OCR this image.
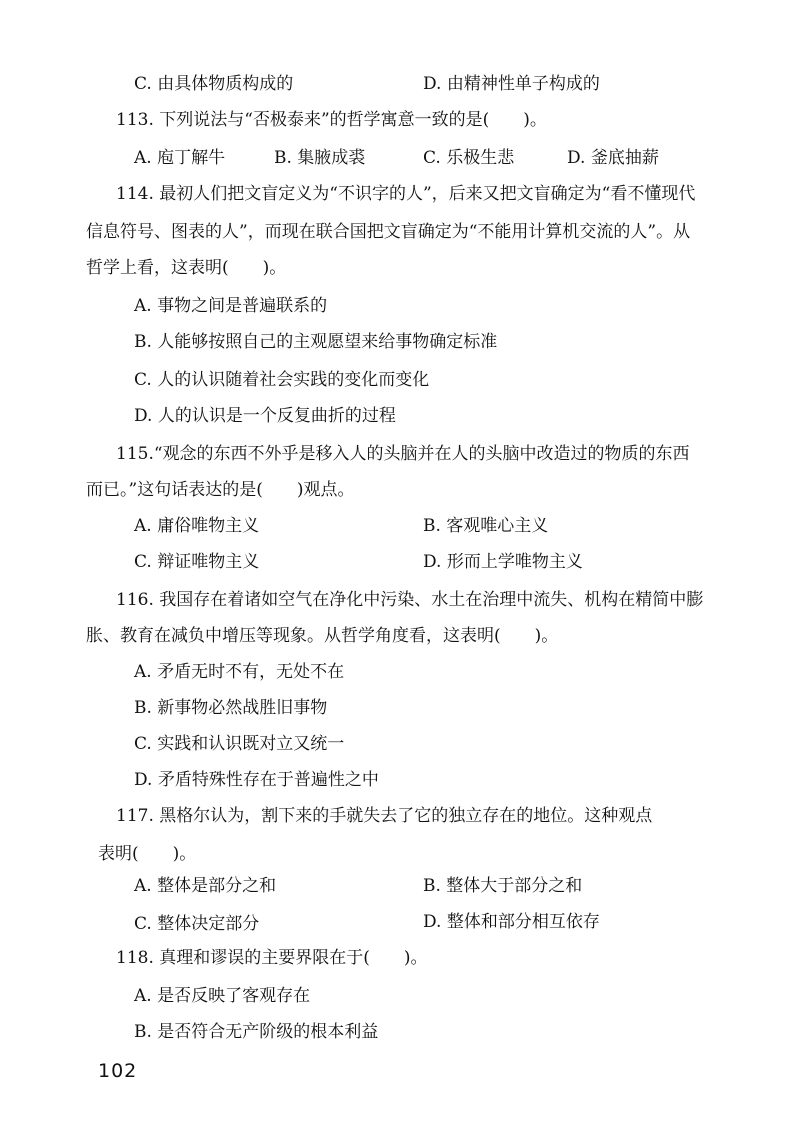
C. 由具体物质构成的	D. 由精神性单子构成的
113. 下列说法与“否极泰来”的哲学寓意一致的是(　　)。
A. 庖丁解牛	B. 集腋成裘	C. 乐极生悲	D. 釜底抽薪
114. 最初人们把文盲定义为“不识字的人”，后来又把文盲确定为“看不懂现代
信息符号、图表的人”，而现在联合国把文盲确定为“不能用计算机交流的人”。从
哲学上看，这表明(　　)。
A. 事物之间是普遍联系的
B. 人能够按照自己的主观愿望来给事物确定标准
C. 人的认识随着社会实践的变化而变化
D. 人的认识是一个反复曲折的过程
115.“观念的东西不外乎是移入人的头脑并在人的头脑中改造过的物质的东西
而已。”这句话表达的是(　　)观点。
A. 庸俗唯物主义	B. 客观唯心主义
C. 辩证唯物主义	D. 形而上学唯物主义
116. 我国存在着诸如空气在净化中污染、水土在治理中流失、机构在精简中膨
胀、教育在减负中增压等现象。从哲学角度看，这表明(　　)。
A. 矛盾无时不有，无处不在
B. 新事物必然战胜旧事物
C. 实践和认识既对立又统一
D. 矛盾特殊性存在于普遍性之中
117. 黑格尔认为，割下来的手就失去了它的独立存在的地位。这种观点
表明(　　)。
A. 整体是部分之和	B. 整体大于部分之和
C. 整体决定部分	D. 整体和部分相互依存
118. 真理和谬误的主要界限在于(　　)。
A. 是否反映了客观存在
B. 是否符合无产阶级的根本利益
102
